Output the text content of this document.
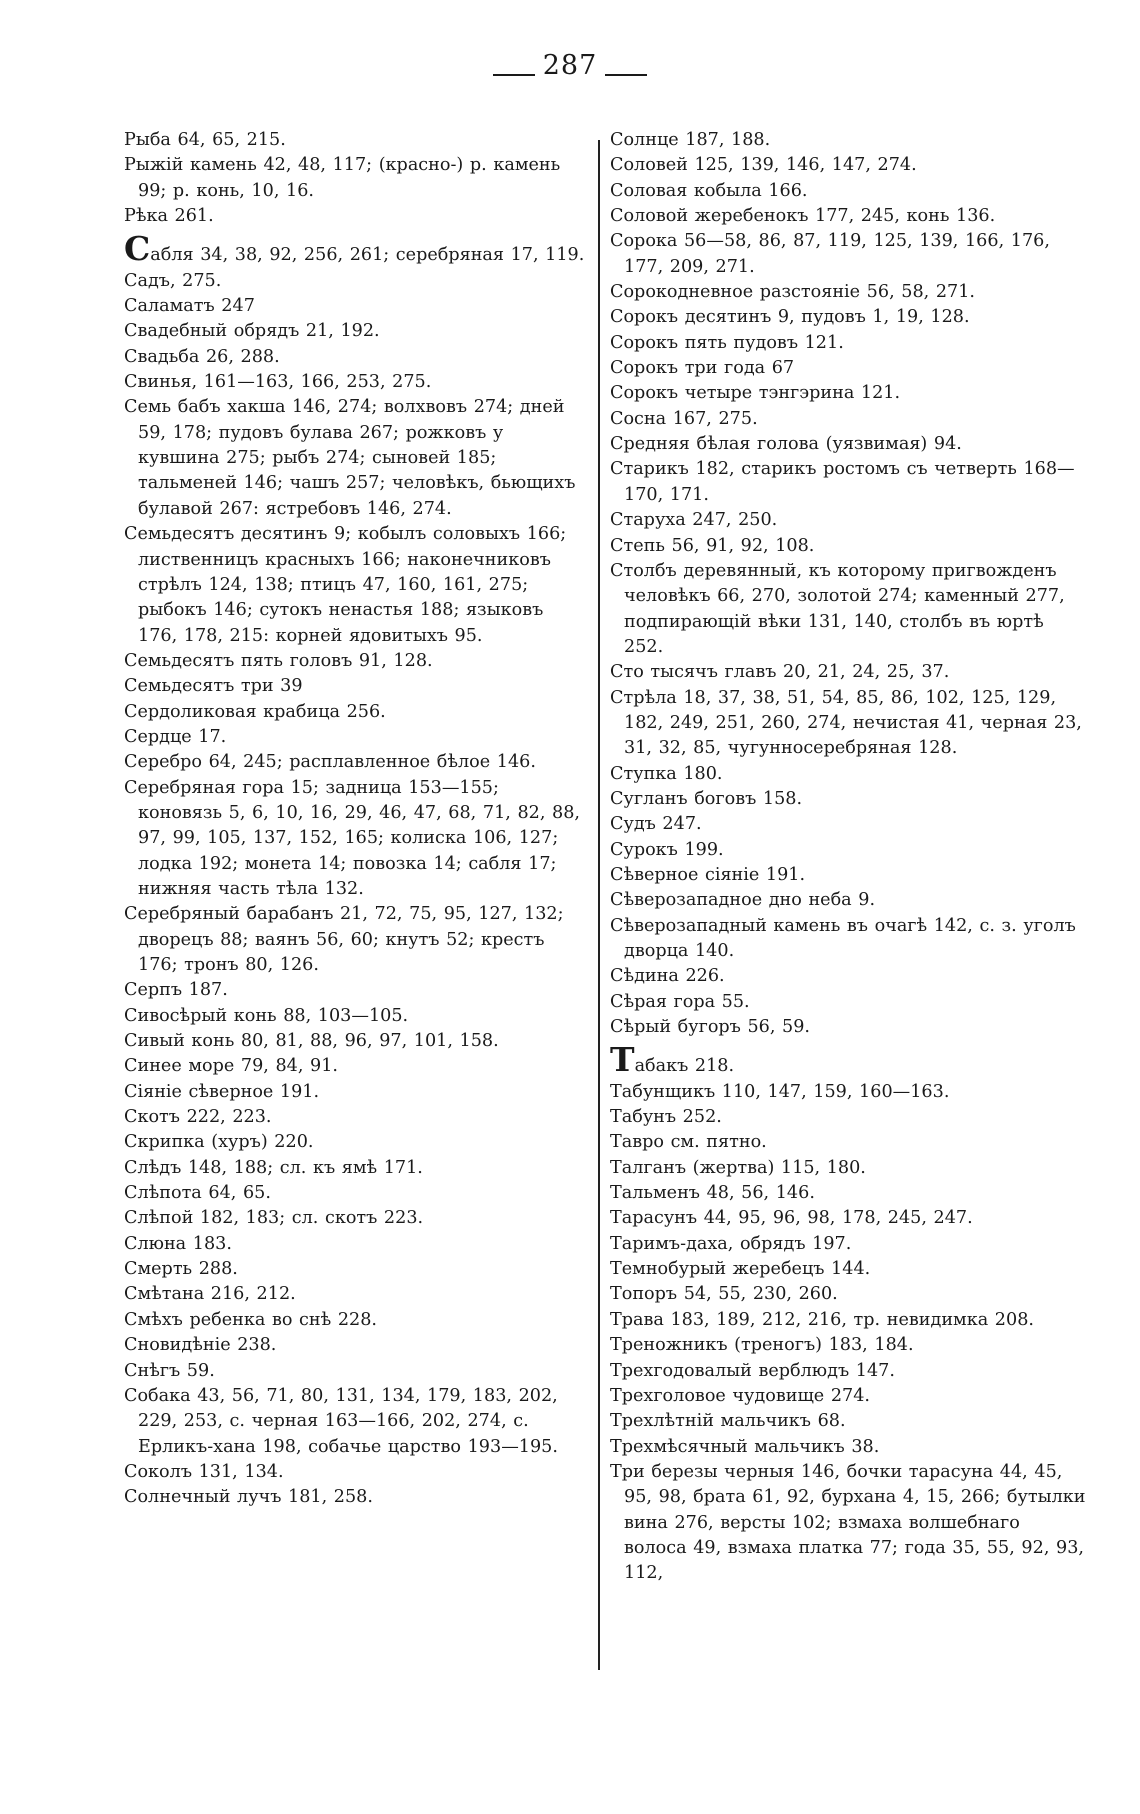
287

Рыба 64, 65, 215.

Рыжій камень 42, 48, 117; (красно-) р. камень 99; р. конь, 10, 16.

Рѣка 261.

Сабля 34, 38, 92, 256, 261; серебряная 17, 119.

Садъ, 275.

Саламатъ 247

Свадебный обрядъ 21, 192.

Свадьба 26, 288.

Свинья, 161—163, 166, 253, 275.

Семь бабъ хакша 146, 274; волхвовъ 274; дней 59, 178; пудовъ булава 267; рожковъ у кувшина 275; рыбъ 274; сыновей 185; тальменей 146; чашъ 257; человѣкъ, бьющихъ булавой 267: ястребовъ 146, 274.

Семьдесятъ десятинъ 9; кобылъ соловыхъ 166; лиственницъ красныхъ 166; наконечниковъ стрѣлъ 124, 138; птицъ 47, 160, 161, 275; рыбокъ 146; сутокъ ненастья 188; языковъ 176, 178, 215: корней ядовитыхъ 95.

Семьдесятъ пять головъ 91, 128.

Семьдесятъ три 39

Сердоликовая крабица 256.

Сердце 17.

Серебро 64, 245; расплавленное бѣлое 146.

Серебряная гора 15; задница 153—155; коновязь 5, 6, 10, 16, 29, 46, 47, 68, 71, 82, 88, 97, 99, 105, 137, 152, 165; колиска 106, 127; лодка 192; монета 14; повозка 14; сабля 17; нижняя часть тѣла 132.

Серебряный барабанъ 21, 72, 75, 95, 127, 132; дворецъ 88; ваянъ 56, 60; кнутъ 52; крестъ 176; тронъ 80, 126.

Серпъ 187.

Сивосѣрый конь 88, 103—105.

Сивый конь 80, 81, 88, 96, 97, 101, 158.

Синее море 79, 84, 91.

Сіяніе сѣверное 191.

Скотъ 222, 223.

Скрипка (хуръ) 220.

Слѣдъ 148, 188; сл. къ ямѣ 171.

Слѣпота 64, 65.

Слѣпой 182, 183; сл. скотъ 223.

Слюна 183.

Смерть 288.

Смѣтана 216, 212.

Смѣхъ ребенка во снѣ 228.

Сновидѣніе 238.

Снѣгъ 59.

Собака 43, 56, 71, 80, 131, 134, 179, 183, 202, 229, 253, с. черная 163—166, 202, 274, с. Ерликъ-хана 198, собачье царство 193—195.

Соколъ 131, 134.

Солнечный лучъ 181, 258.

Солнце 187, 188.

Соловей 125, 139, 146, 147, 274.

Соловая кобыла 166.

Соловой жеребенокъ 177, 245, конь 136.

Сорока 56—58, 86, 87, 119, 125, 139, 166, 176, 177, 209, 271.

Сорокодневное разстояніе 56, 58, 271.

Сорокъ десятинъ 9, пудовъ 1, 19, 128.

Сорокъ пять пудовъ 121.

Сорокъ три года 67

Сорокъ четыре тэнгэрина 121.

Сосна 167, 275.

Средняя бѣлая голова (уязвимая) 94.

Старикъ 182, старикъ ростомъ съ четверть 168—170, 171.

Старуха 247, 250.

Степь 56, 91, 92, 108.

Столбъ деревянный, къ которому пригвожденъ человѣкъ 66, 270, золотой 274; каменный 277, подпирающій вѣки 131, 140, столбъ въ юртѣ 252.

Сто тысячъ главъ 20, 21, 24, 25, 37.

Стрѣла 18, 37, 38, 51, 54, 85, 86, 102, 125, 129, 182, 249, 251, 260, 274, нечистая 41, черная 23, 31, 32, 85, чугунносеребряная 128.

Ступка 180.

Сугланъ боговъ 158.

Судъ 247.

Сурокъ 199.

Сѣверное сіяніе 191.

Сѣверозападное дно неба 9.

Сѣверозападный камень въ очагѣ 142, с. з. уголъ дворца 140.

Сѣдина 226.

Сѣрая гора 55.

Сѣрый бугоръ 56, 59.

Табакъ 218.

Табунщикъ 110, 147, 159, 160—163.

Табунъ 252.

Тавро см. пятно.

Талганъ (жертва) 115, 180.

Тальменъ 48, 56, 146.

Тарасунъ 44, 95, 96, 98, 178, 245, 247.

Таримъ-даха, обрядъ 197.

Темнобурый жеребецъ 144.

Топоръ 54, 55, 230, 260.

Трава 183, 189, 212, 216, тр. невидимка 208.

Треножникъ (треногъ) 183, 184.

Трехгодовалый верблюдъ 147.

Трехголовое чудовище 274.

Трехлѣтній мальчикъ 68.

Трехмѣсячный мальчикъ 38.

Три березы черныя 146, бочки тарасуна 44, 45, 95, 98, брата 61, 92, бурхана 4, 15, 266; бутылки вина 276, версты 102; взмаха волшебнаго волоса 49, взмаха платка 77; года 35, 55, 92, 93, 112,
